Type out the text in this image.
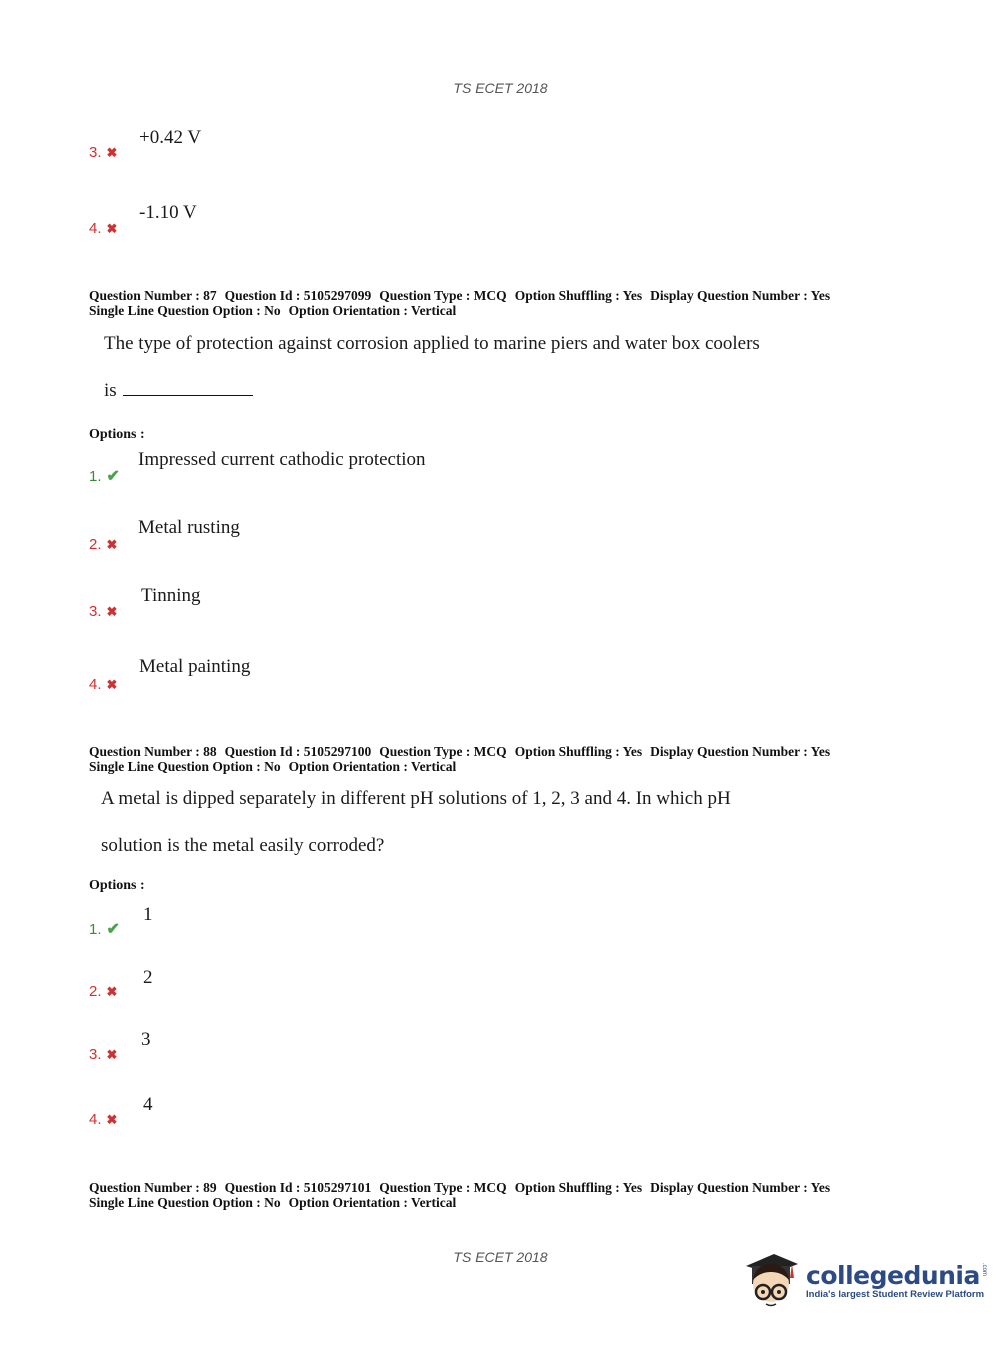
TS ECET 2018
3. ✖
+0.42 V
4. ✖
-1.10 V
Question Number : 87 Question Id : 5105297099 Question Type : MCQ Option Shuffling : Yes Display Question Number : Yes
Single Line Question Option : No Option Orientation : Vertical
The type of protection against corrosion applied to marine piers and water box coolers
is
Options :
1. ✔
Impressed current cathodic protection
2. ✖
Metal rusting
3. ✖
Tinning
4. ✖
Metal painting
Question Number : 88 Question Id : 5105297100 Question Type : MCQ Option Shuffling : Yes Display Question Number : Yes
Single Line Question Option : No Option Orientation : Vertical
A metal is dipped separately in different pH solutions of 1, 2, 3 and 4. In which pH
solution is the metal easily corroded?
Options :
1. ✔
1
2. ✖
2
3. ✖
3
4. ✖
4
Question Number : 89 Question Id : 5105297101 Question Type : MCQ Option Shuffling : Yes Display Question Number : Yes
Single Line Question Option : No Option Orientation : Vertical
TS ECET 2018
collegedunia .com
India's largest Student Review Platform
